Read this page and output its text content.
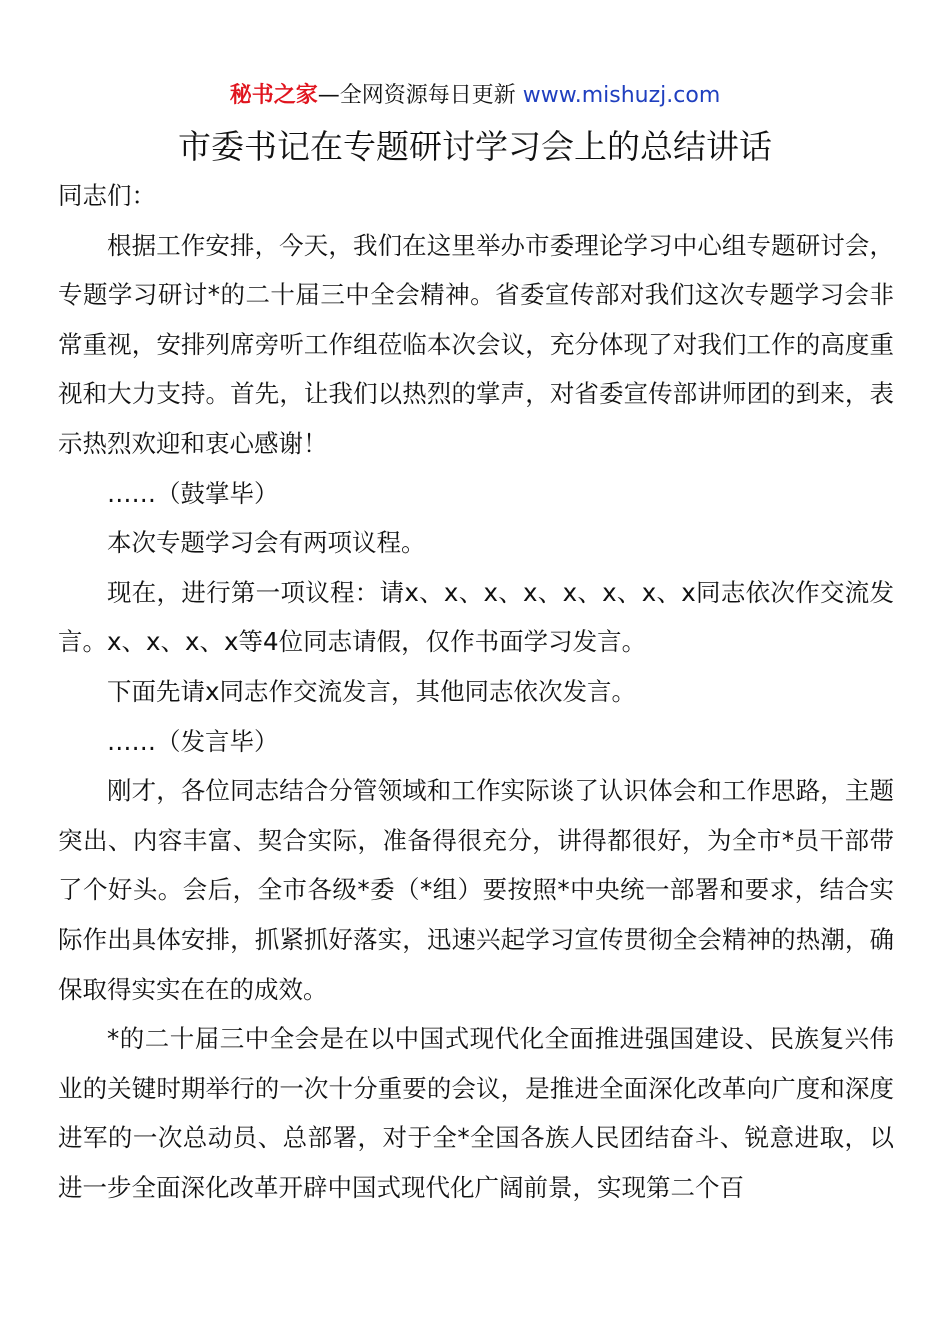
秘书之家—全网资源每日更新 www.mishuzj.com
市委书记在专题研讨学习会上的总结讲话

同志们：

根据工作安排，今天，我们在这里举办市委理论学习中心组专题研讨会，专题学习研讨*的二十届三中全会精神。省委宣传部对我们这次专题学习会非常重视，安排列席旁听工作组莅临本次会议，充分体现了对我们工作的高度重视和大力支持。首先，让我们以热烈的掌声，对省委宣传部讲师团的到来，表示热烈欢迎和衷心感谢！

……（鼓掌毕）

本次专题学习会有两项议程。

现在，进行第一项议程：请x、x、x、x、x、x、x、x同志依次作交流发言。x、x、x、x等4位同志请假，仅作书面学习发言。

下面先请x同志作交流发言，其他同志依次发言。

……（发言毕）

刚才，各位同志结合分管领域和工作实际谈了认识体会和工作思路，主题突出、内容丰富、契合实际，准备得很充分，讲得都很好，为全市*员干部带了个好头。会后，全市各级*委（*组）要按照*中央统一部署和要求，结合实际作出具体安排，抓紧抓好落实，迅速兴起学习宣传贯彻全会精神的热潮，确保取得实实在在的成效。

*的二十届三中全会是在以中国式现代化全面推进强国建设、民族复兴伟业的关键时期举行的一次十分重要的会议，是推进全面深化改革向广度和深度进军的一次总动员、总部署，对于全*全国各族人民团结奋斗、锐意进取，以进一步全面深化改革开辟中国式现代化广阔前景，实现第二个百
